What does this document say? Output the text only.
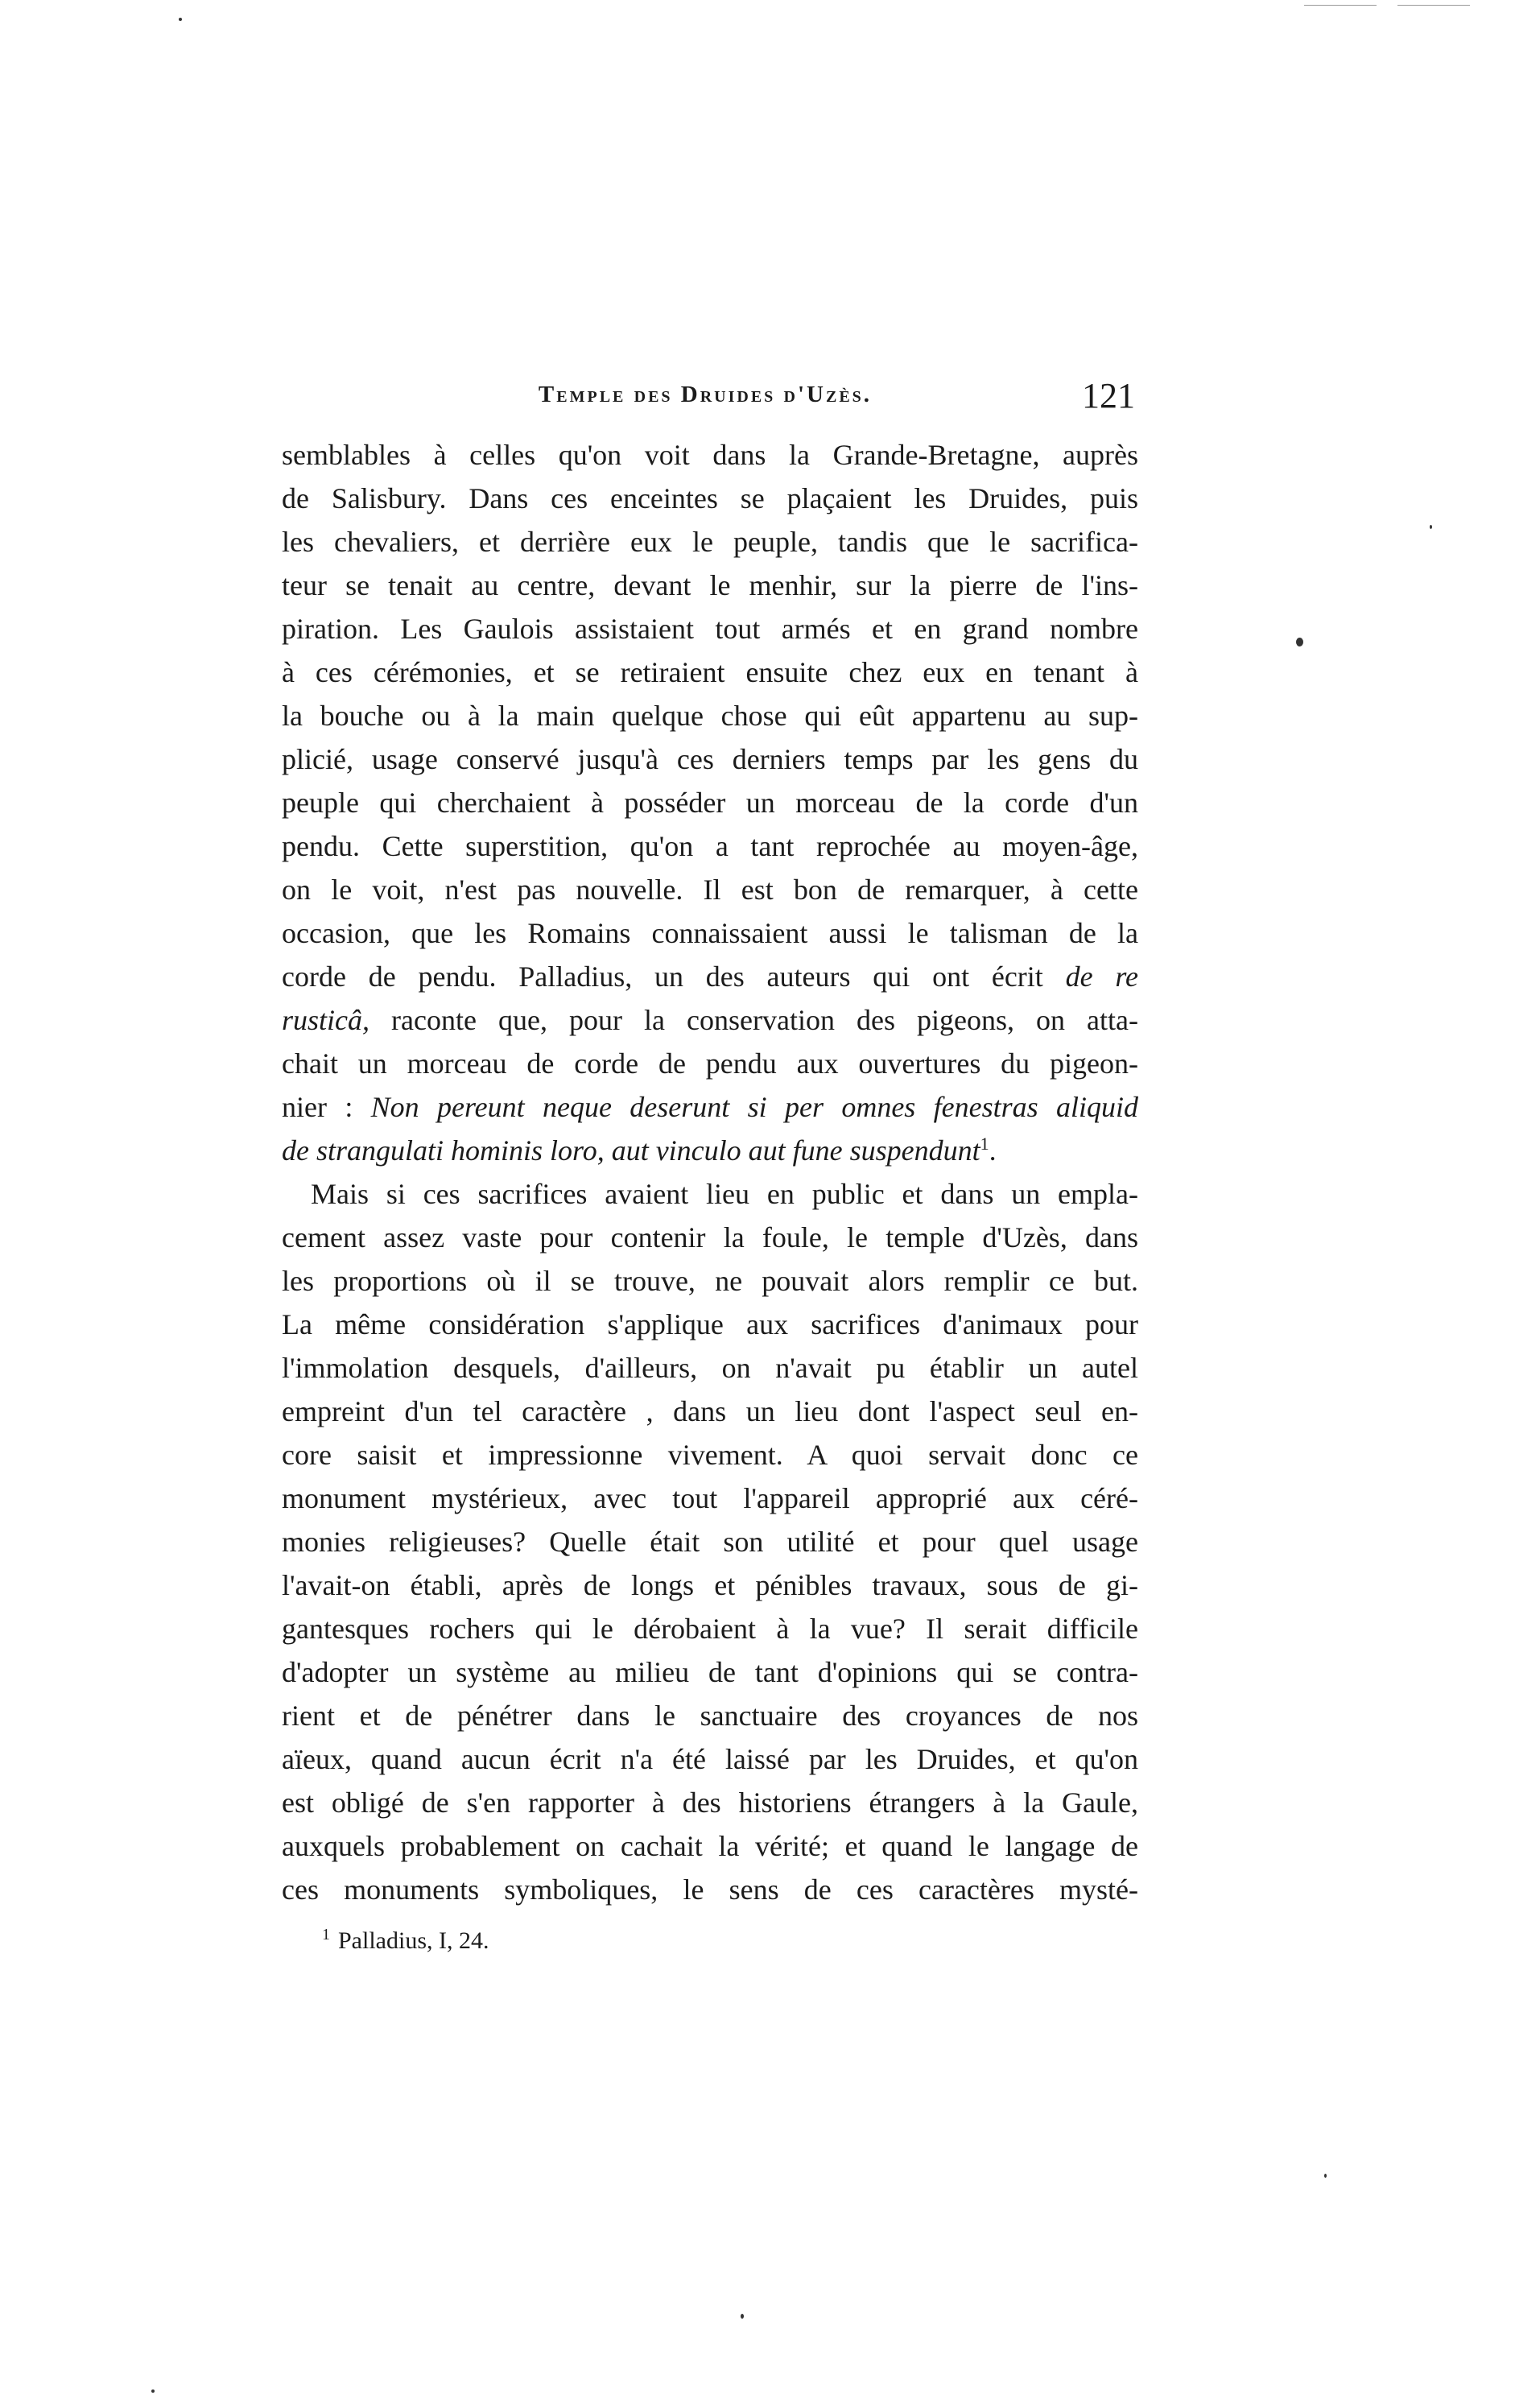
Temple des Druides d'Uzès.	121
semblables à celles qu'on voit dans la Grande-Bretagne, auprès
de Salisbury. Dans ces enceintes se plaçaient les Druides, puis
les chevaliers, et derrière eux le peuple, tandis que le sacrifica-
teur se tenait au centre, devant le menhir, sur la pierre de l'ins-
piration. Les Gaulois assistaient tout armés et en grand nombre
à ces cérémonies, et se retiraient ensuite chez eux en tenant à
la bouche ou à la main quelque chose qui eût appartenu au sup-
plicié, usage conservé jusqu'à ces derniers temps par les gens du
peuple qui cherchaient à posséder un morceau de la corde d'un
pendu. Cette superstition, qu'on a tant reprochée au moyen-âge,
on le voit, n'est pas nouvelle. Il est bon de remarquer, à cette
occasion, que les Romains connaissaient aussi le talisman de la
corde de pendu. Palladius, un des auteurs qui ont écrit de re
rusticâ, raconte que, pour la conservation des pigeons, on atta-
chait un morceau de corde de pendu aux ouvertures du pigeon-
nier : Non pereunt neque deserunt si per omnes fenestras aliquid
de strangulati hominis loro, aut vinculo aut fune suspendunt$^1$.
Mais si ces sacrifices avaient lieu en public et dans un empla-
cement assez vaste pour contenir la foule, le temple d'Uzès, dans
les proportions où il se trouve, ne pouvait alors remplir ce but.
La même considération s'applique aux sacrifices d'animaux pour
l'immolation desquels, d'ailleurs, on n'avait pu établir un autel
empreint d'un tel caractère , dans un lieu dont l'aspect seul en-
core saisit et impressionne vivement. A quoi servait donc ce
monument mystérieux, avec tout l'appareil approprié aux céré-
monies religieuses? Quelle était son utilité et pour quel usage
l'avait-on établi, après de longs et pénibles travaux, sous de gi-
gantesques rochers qui le dérobaient à la vue? Il serait difficile
d'adopter un système au milieu de tant d'opinions qui se contra-
rient et de pénétrer dans le sanctuaire des croyances de nos
aïeux, quand aucun écrit n'a été laissé par les Druides, et qu'on
est obligé de s'en rapporter à des historiens étrangers à la Gaule,
auxquels probablement on cachait la vérité; et quand le langage de
ces monuments symboliques, le sens de ces caractères mysté-
$^1$ Palladius, I, 24.
